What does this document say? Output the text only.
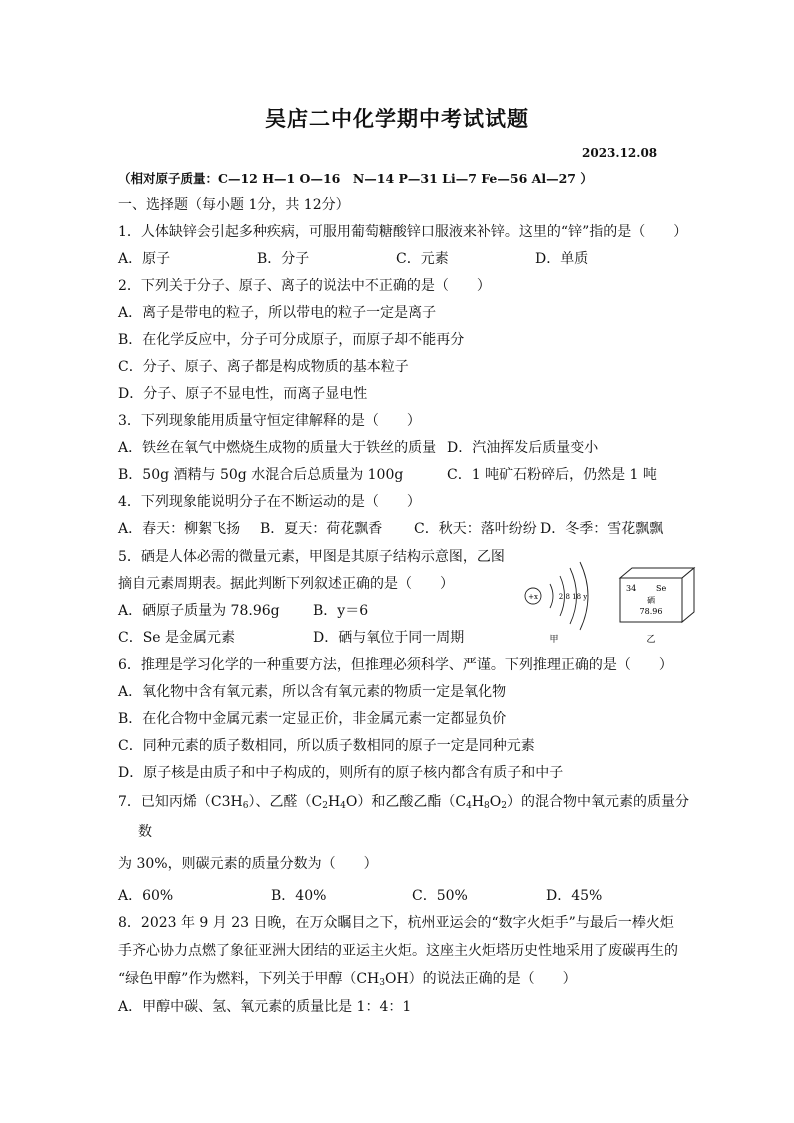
吴店二中化学期中考试试题
2023.12.08
（相对原子质量：C—12 H—1 O—16　N—14 P—31 Li—7 Fe—56 Al—27 ）
一、选择题（每小题 1分，共 12分）
1．人体缺锌会引起多种疾病，可服用葡萄糖酸锌口服液来补锌。这里的“锌”指的是（　　）
A．原子	B．分子	C．元素	D．单质
2．下列关于分子、原子、离子的说法中不正确的是（　　）
A．离子是带电的粒子，所以带电的粒子一定是离子
B．在化学反应中，分子可分成原子，而原子却不能再分
C．分子、原子、离子都是构成物质的基本粒子
D．分子、原子不显电性，而离子显电性
3．下列现象能用质量守恒定律解释的是（　　）
A．铁丝在氧气中燃烧生成物的质量大于铁丝的质量 D．汽油挥发后质量变小
B．50g 酒精与 50g 水混合后总质量为 100g	C．1 吨矿石粉碎后，仍然是 1 吨
4．下列现象能说明分子在不断运动的是（　　）
A．春天：柳絮飞扬 B．夏天：荷花飘香 C．秋天：落叶纷纷 D．冬季：雪花飘飘
5．硒是人体必需的微量元素，甲图是其原子结构示意图，乙图
摘自元素周期表。据此判断下列叙述正确的是（　　）
A．硒原子质量为 78.96g B．y＝6
C．Se 是金属元素	D．硒与氧位于同一周期
+x	2 8 18 y
甲
34 Se
硒
78.96
乙
6．推理是学习化学的一种重要方法，但推理必须科学、严谨。下列推理正确的是（　　）
A．氧化物中含有氧元素，所以含有氧元素的物质一定是氧化物
B．在化合物中金属元素一定显正价，非金属元素一定都显负价
C．同种元素的质子数相同，所以质子数相同的原子一定是同种元素
D．原子核是由质子和中子构成的，则所有的原子核内都含有质子和中子
7．已知丙烯$(C3H_6)$、乙醛$(C_2H_4O)$和乙酸乙酯$(C_4H_8O_2)$的混合物中氧元素的质量分
数
为 30%，则碳元素的质量分数为（　　）
A．60%	B．40%	C．50%	D．45%
8．2023 年 9 月 23 日晚，在万众瞩目之下，杭州亚运会的“数字火炬手”与最后一棒火炬
手齐心协力点燃了象征亚洲大团结的亚运主火炬。这座主火炬塔历史性地采用了废碳再生的
“绿色甲醇”作为燃料，下列关于甲醇$(CH_3OH)$的说法正确的是（　　）
A．甲醇中碳、氢、氧元素的质量比是 1：4：1
